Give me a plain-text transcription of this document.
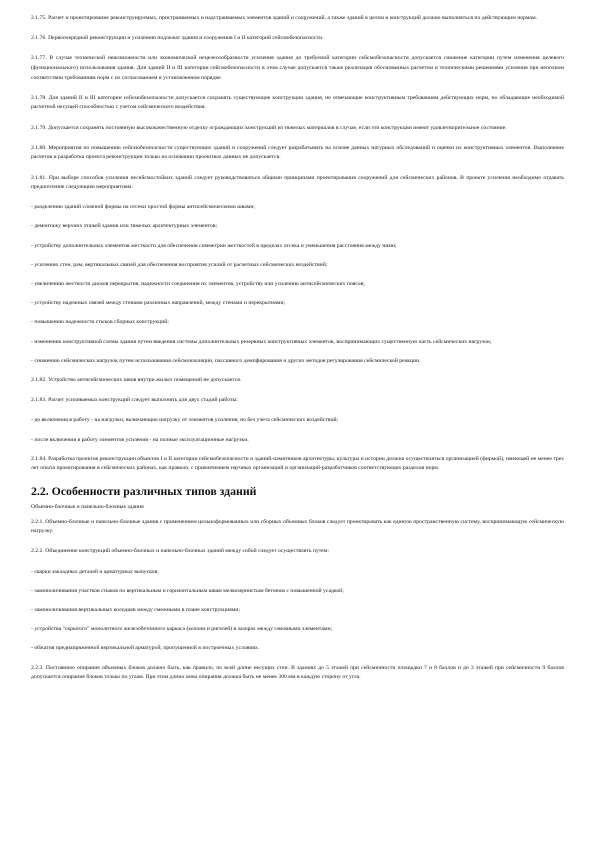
2.1.75. Расчет и проектирование реконструируемых, пристраиваемых и надстраиваемых элементов зданий и сооружений, а также зданий в целом и конструкций должно выполняться по действующим нормам.

2.1.76. Первоочередной реконструкции и усилению подлежат здания и сооружения I и II категорий сейсмобезопасности.

2.1.77. В случае технической невозможности или экономической нецелесообразности усиления здания до требуемой категории сейсмобезопасности допускается снижение категории путем изменения целевого (функционального) использования здания. Для зданий II и III категории сейсмобезопасности в этом случае допускается также реализация обоснованных расчетом и техническими решениями усиления при неполном соответствии требованиям норм с их согласованием в установленном порядке.

2.1.78. Для зданий II и III категории сейсмобезопасности допускается сохранять существующие конструкции здания, не отвечающие конструктивным требованиям действующих норм, но обладающие необходимой расчетной несущей способностью с учетом сейсмического воздействия.

2.1.79. Допускается сохранять постоянную высококачественную отделку ограждающих конструкций из тяжелых материалов в случае, если эти конструкции имеют удовлетворительное состояние.

2.1.80. Мероприятия по повышению сейсмобезопасности существующих зданий и сооружений следует разрабатывать на основе данных натурных обследований и оценки их конструктивных элементов. Выполнение расчетов и разработка проекта реконструкции только на основании проектных данных не допускается.

2.1.81. При выборе способов усиления несейсмостойких зданий следует руководствоваться общими принципами проектирования сооружений для сейсмических районов. В проекте усиления необходимо отдавать предпочтение следующим мероприятиям:

- разделению зданий сложной формы на отсеки простой формы антисейсмическими швами;

- демонтажу верхних этажей здания или тяжелых архитектурных элементов;

- устройству дополнительных элементов жесткости для обеспечения симметрии жесткостей в пределах отсека и уменьшения расстояния между ними;

- усилению стен, рам, вертикальных связей для обеспечения восприятия усилий от расчетных сейсмических воздействий;

- увеличению жесткости дисков перекрытия, надежности соединения их элементов, устройству или усилению антисейсмических поясов;

- устройству надежных связей между стенами различных направлений, между стенами и перекрытиями;

- повышению надежности стыков сборных конструкций;

- изменению конструктивной схемы здания путем введения системы дополнительных резервных конструктивных элементов, воспринимающих существенную часть сейсмических нагрузок;

- снижению сейсмических нагрузок путем использования сейсмоизоляции, пассивного демпфирования и других методов регулирования сейсмической реакции.

2.1.82. Устройство антисейсмических швов внутри жилых помещений не допускается.

2.1.83. Расчет усиливаемых конструкций следует выполнять для двух стадий работы:

- до включения в работу - на нагрузки, включающие нагрузку от элементов усиления, но без учета сейсмических воздействий;

- после включения в работу элементов усиления - на полные эксплуатационные нагрузки.

2.1.84. Разработка проектов реконструкции объектов I и II категории сейсмобезопасности и зданий-памятников архитектуры, культуры и истории должна осуществляться организацией (фирмой), имеющей не менее трех лет опыта проектирования в сейсмических районах, как правило, с привлечением научных организаций и организаций-разработчиков соответствующих разделов норм.

2.2. Особенности различных типов зданий

Объемно-блочные и панельно-блочные здания

2.2.1. Объемно-блочные и панельно-блочные здания с применением цельноформованных или сборных объемных блоков следует проектировать как единую пространственную систему, воспринимающую сейсмическую нагрузку.

2.2.2. Объединение конструкций объемно-блочных и панельно-блочных зданий между собой следует осуществлять путем:

- сварки закладных деталей и арматурных выпусков;

- замоноличивания участков стыков по вертикальным и горизонтальным швам мелкозернистым бетоном с повышенной усадкой;

- замоноличивания вертикальных колодцев между смежными в плане конструкциями;

- устройства "скрытого" монолитного железобетонного каркаса (колонн и ригелей) в зазорах между смежными элементами;

- обжатия преднапряженной вертикальной арматурой, пропущенной в построечных условиях.

2.2.3. Постоянное опирание объемных блоков должно быть, как правило, по всей длине несущих стен. В зданиях до 5 этажей при сейсмичности площадки 7 и 8 баллов и до 3 этажей при сейсмичности 9 баллов допускается опирание блоков только по углам. При этом длина зоны опирания должна быть не менее 300 мм в каждую сторону от угла.
